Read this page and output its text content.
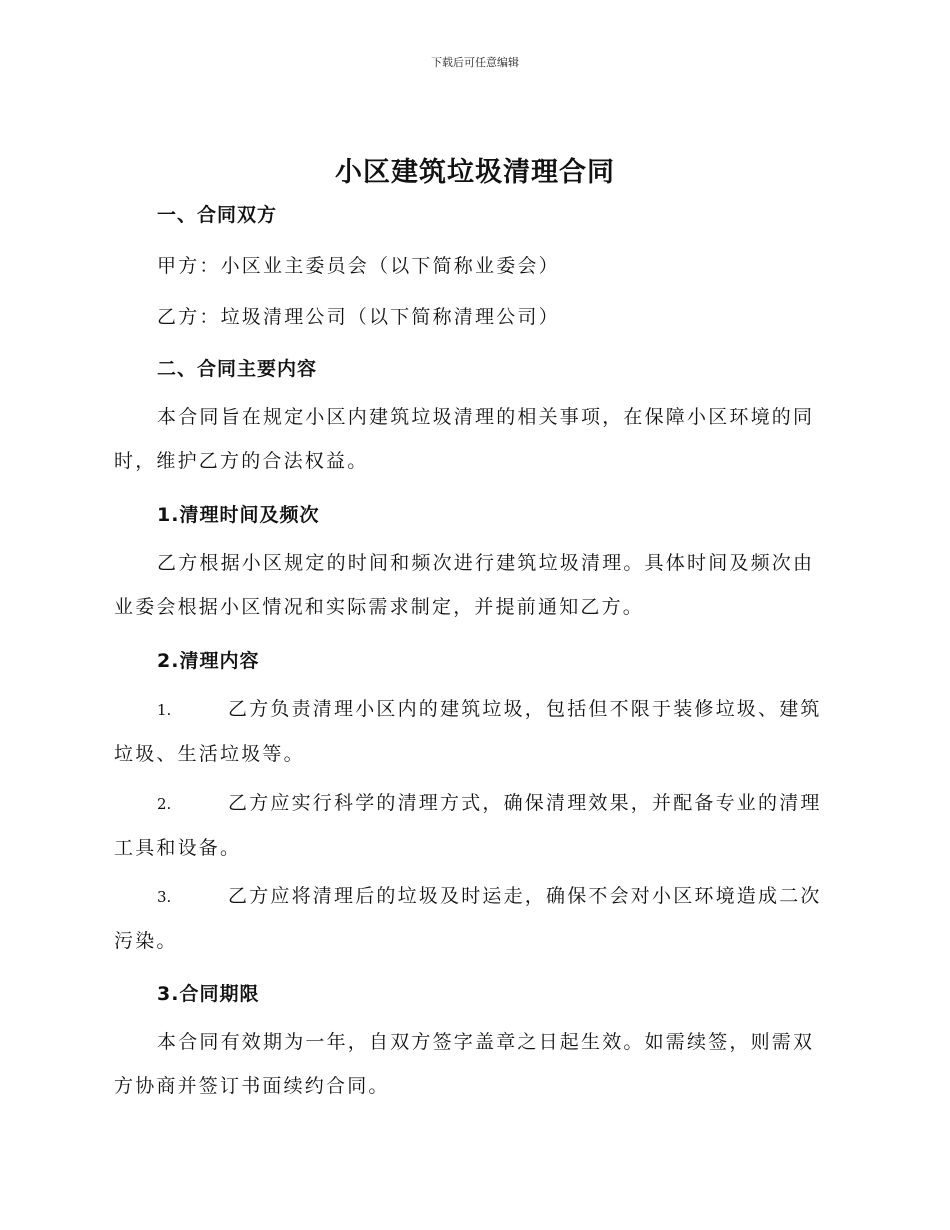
下载后可任意编辑
小区建筑垃圾清理合同
一、合同双方
甲方：小区业主委员会（以下简称业委会）
乙方：垃圾清理公司（以下简称清理公司）
二、合同主要内容
本合同旨在规定小区内建筑垃圾清理的相关事项，在保障小区环境的同时，维护乙方的合法权益。
1.清理时间及频次
乙方根据小区规定的时间和频次进行建筑垃圾清理。具体时间及频次由业委会根据小区情况和实际需求制定，并提前通知乙方。
2.清理内容
1.	乙方负责清理小区内的建筑垃圾，包括但不限于装修垃圾、建筑垃圾、生活垃圾等。
2.	乙方应实行科学的清理方式，确保清理效果，并配备专业的清理工具和设备。
3.	乙方应将清理后的垃圾及时运走，确保不会对小区环境造成二次污染。
3.合同期限
本合同有效期为一年，自双方签字盖章之日起生效。如需续签，则需双方协商并签订书面续约合同。
